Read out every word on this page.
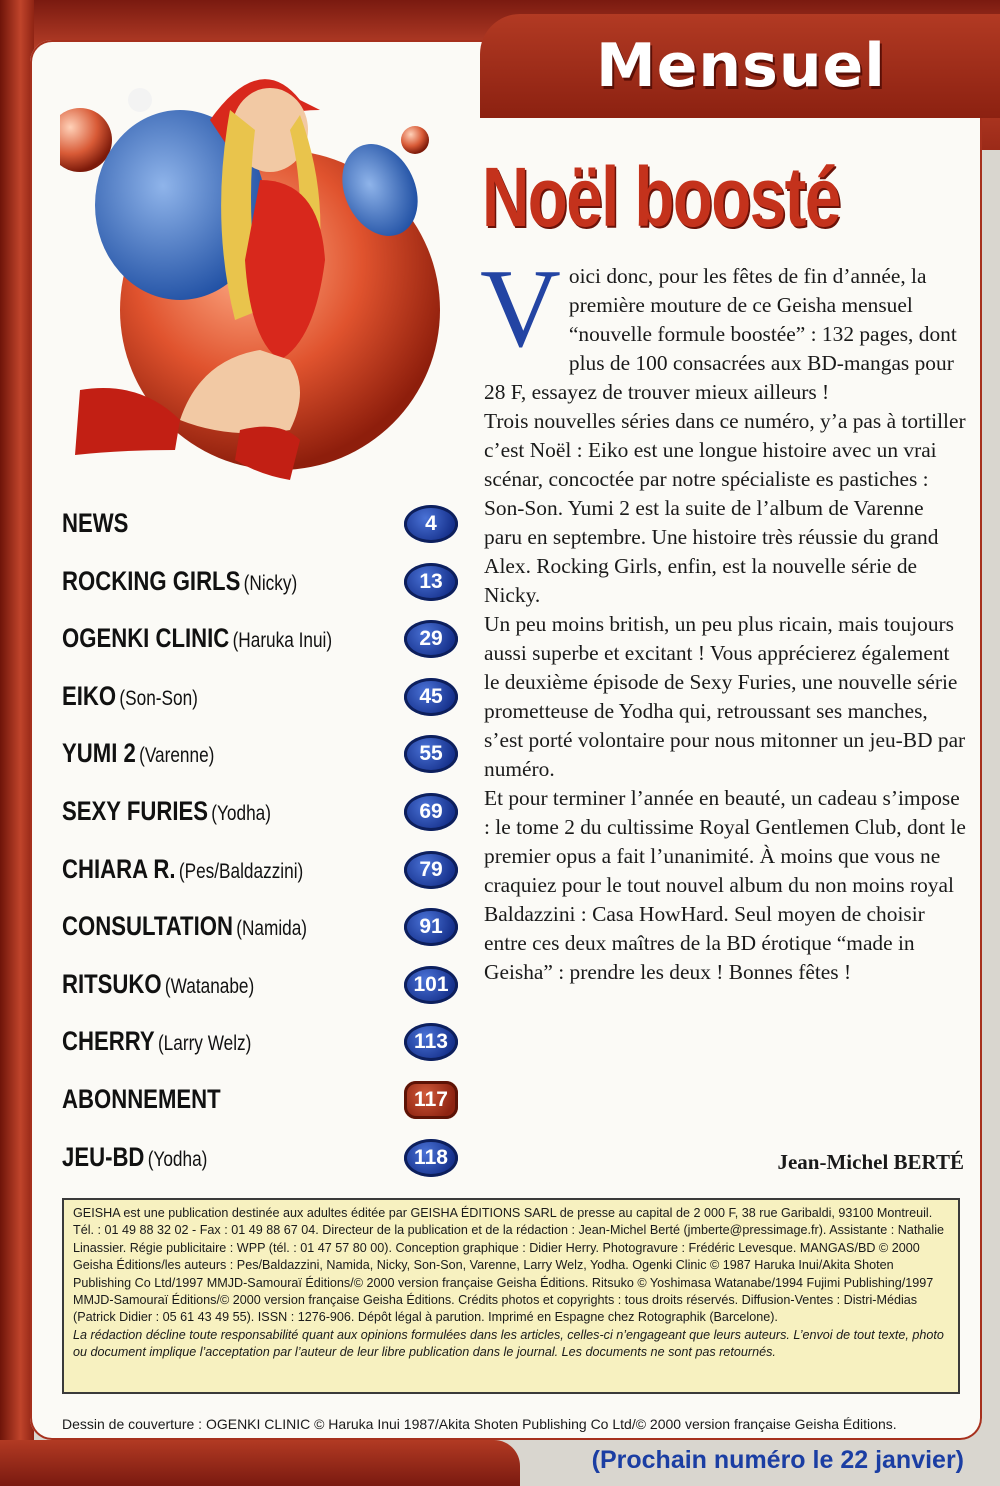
Mensuel
Noël boosté
V oici donc, pour les fêtes de fin d’année, la première mouture de ce Geisha mensuel “nouvelle formule boostée” : 132 pages, dont plus de 100 consacrées aux BD-mangas pour 28 F, essayez de trouver mieux ailleurs !

Trois nouvelles séries dans ce numéro, y’a pas à tortiller c’est Noël : Eiko est une longue histoire avec un vrai scénar, concoctée par notre spécialiste es pastiches : Son-Son. Yumi 2 est la suite de l’album de Varenne paru en septembre. Une histoire très réussie du grand Alex. Rocking Girls, enfin, est la nouvelle série de Nicky.

Un peu moins british, un peu plus ricain, mais toujours aussi superbe et excitant ! Vous apprécierez également le deuxième épisode de Sexy Furies, une nouvelle série prometteuse de Yodha qui, retroussant ses manches, s’est porté volontaire pour nous mitonner un jeu-BD par numéro.

Et pour terminer l’année en beauté, un cadeau s’impose : le tome 2 du cultissime Royal Gentlemen Club, dont le premier opus a fait l’unanimité. À moins que vous ne craquiez pour le tout nouvel album du non moins royal Baldazzini : Casa HowHard. Seul moyen de choisir entre ces deux maîtres de la BD érotique “made in Geisha” : prendre les deux ! Bonnes fêtes !

Jean-Michel BERTÉ
NEWS	4
ROCKING GIRLS (Nicky)	13
OGENKI CLINIC (Haruka Inui)	29
EIKO (Son-Son)	45
YUMI 2 (Varenne)	55
SEXY FURIES (Yodha)	69
CHIARA R. (Pes/Baldazzini)	79
CONSULTATION (Namida)	91
RITSUKO (Watanabe)	101
CHERRY (Larry Welz)	113
ABONNEMENT	117
JEU-BD (Yodha)	118

GEISHA est une publication destinée aux adultes éditée par GEISHA ÉDITIONS SARL de presse au capital de 2 000 F, 38 rue Garibaldi, 93100 Montreuil. Tél. : 01 49 88 32 02 - Fax : 01 49 88 67 04. Directeur de la publication et de la rédaction : Jean-Michel Berté (jmberte@pressimage.fr). Assistante : Nathalie Linassier. Régie publicitaire : WPP (tél. : 01 47 57 80 00). Conception graphique : Didier Herry. Photogravure : Frédéric Levesque. MANGAS/BD © 2000 Geisha Éditions/les auteurs : Pes/Baldazzini, Namida, Nicky, Son-Son, Varenne, Larry Welz, Yodha. Ogenki Clinic © 1987 Haruka Inui/Akita Shoten Publishing Co Ltd/1997 MMJD-Samouraï Éditions/© 2000 version française Geisha Éditions. Ritsuko © Yoshimasa Watanabe/1994 Fujimi Publishing/1997 MMJD-Samouraï Éditions/© 2000 version française Geisha Éditions. Crédits photos et copyrights : tous droits réservés. Diffusion-Ventes : Distri-Médias (Patrick Didier : 05 61 43 49 55). ISSN : 1276-906. Dépôt légal à parution. Imprimé en Espagne chez Rotographik (Barcelone).

La rédaction décline toute responsabilité quant aux opinions formulées dans les articles, celles-ci n’engageant que leurs auteurs. L’envoi de tout texte, photo ou document implique l’acceptation par l’auteur de leur libre publication dans le journal. Les documents ne sont pas retournés.

Dessin de couverture : OGENKI CLINIC © Haruka Inui 1987/Akita Shoten Publishing Co Ltd/© 2000 version française Geisha Éditions.
(Prochain numéro le 22 janvier)
